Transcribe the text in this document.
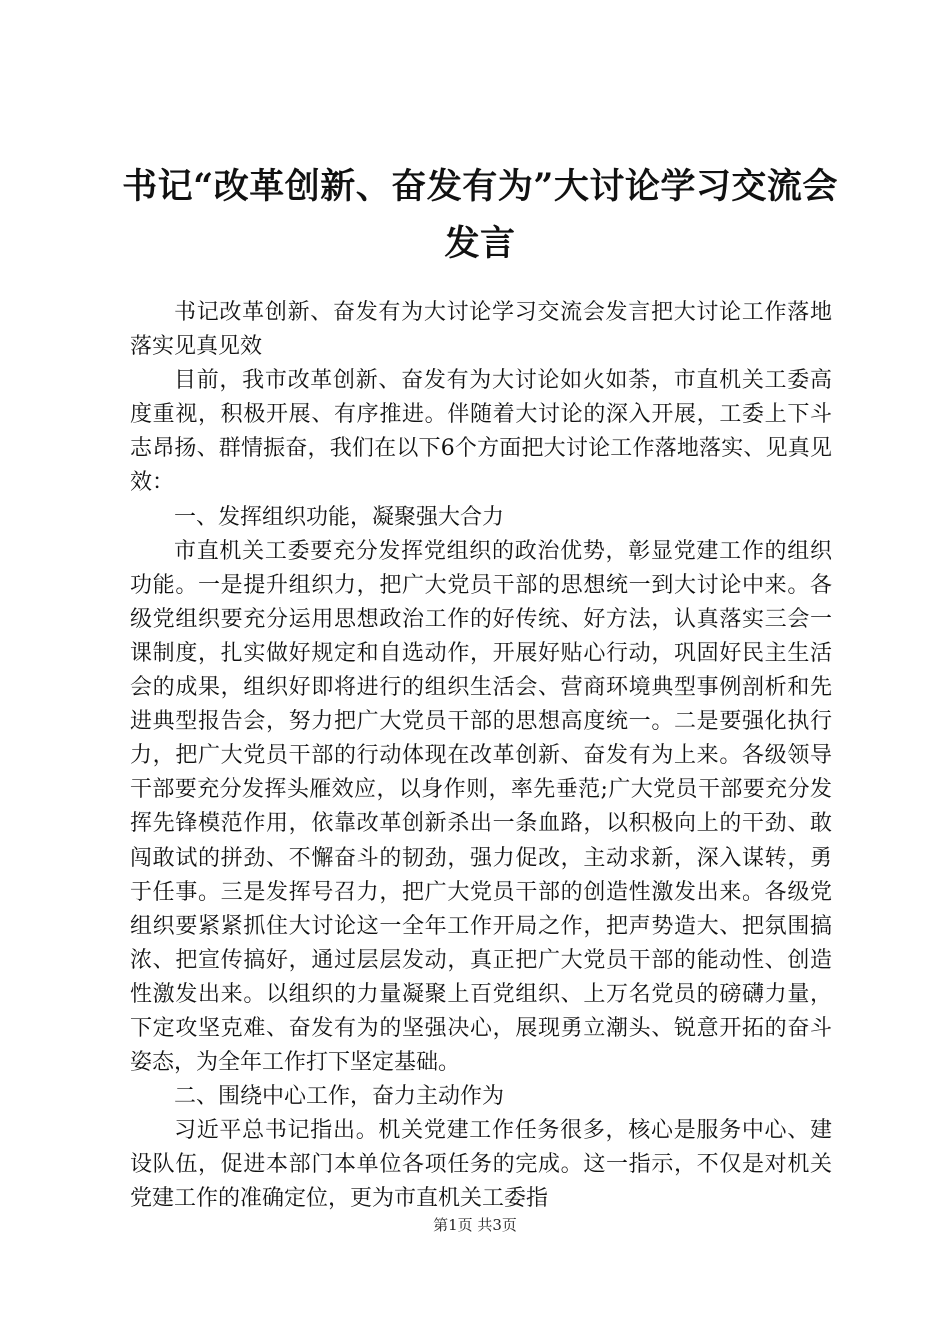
书记“改革创新、奋发有为”大讨论学习交流会发言

书记改革创新、奋发有为大讨论学习交流会发言把大讨论工作落地落实见真见效

目前，我市改革创新、奋发有为大讨论如火如荼，市直机关工委高度重视，积极开展、有序推进。伴随着大讨论的深入开展，工委上下斗志昂扬、群情振奋，我们在以下6个方面把大讨论工作落地落实、见真见效：

一、发挥组织功能，凝聚强大合力

市直机关工委要充分发挥党组织的政治优势，彰显党建工作的组织功能。一是提升组织力，把广大党员干部的思想统一到大讨论中来。各级党组织要充分运用思想政治工作的好传统、好方法，认真落实三会一课制度，扎实做好规定和自选动作，开展好贴心行动，巩固好民主生活会的成果，组织好即将进行的组织生活会、营商环境典型事例剖析和先进典型报告会，努力把广大党员干部的思想高度统一。二是要强化执行力，把广大党员干部的行动体现在改革创新、奋发有为上来。各级领导干部要充分发挥头雁效应，以身作则，率先垂范;广大党员干部要充分发挥先锋模范作用，依靠改革创新杀出一条血路，以积极向上的干劲、敢闯敢试的拼劲、不懈奋斗的韧劲，强力促改，主动求新，深入谋转，勇于任事。三是发挥号召力，把广大党员干部的创造性激发出来。各级党组织要紧紧抓住大讨论这一全年工作开局之作，把声势造大、把氛围搞浓、把宣传搞好，通过层层发动，真正把广大党员干部的能动性、创造性激发出来。以组织的力量凝聚上百党组织、上万名党员的磅礴力量，下定攻坚克难、奋发有为的坚强决心，展现勇立潮头、锐意开拓的奋斗姿态，为全年工作打下坚定基础。

二、围绕中心工作，奋力主动作为

习近平总书记指出。机关党建工作任务很多，核心是服务中心、建设队伍，促进本部门本单位各项任务的完成。这一指示，不仅是对机关党建工作的准确定位，更为市直机关工委指

第1页 共3页
